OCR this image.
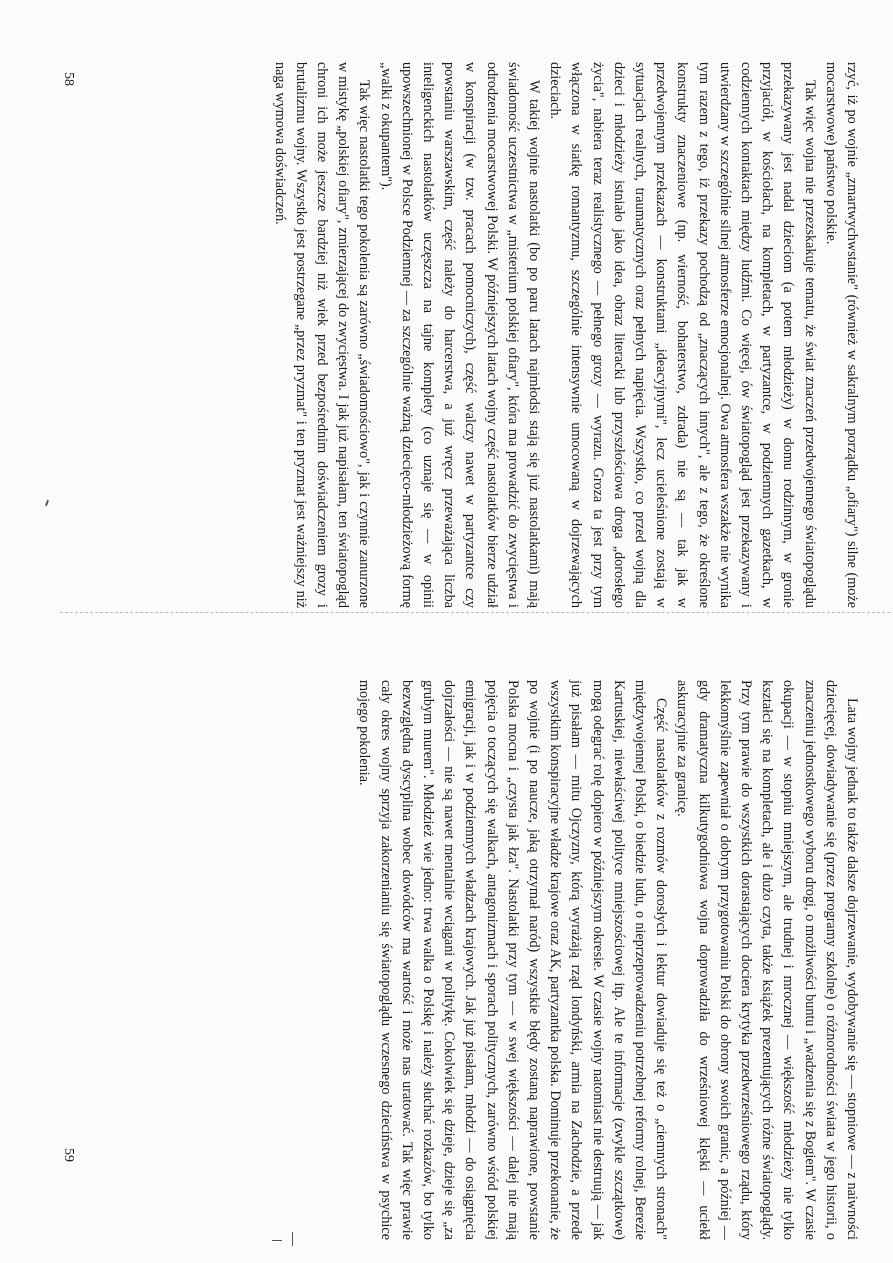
rzyć, iż po wojnie „zmartwychwstanie" (również w sakralnym porządku „ofiary") silne (może mocarstwowe) państwo polskie.

Tak więc wojna nie przezskakuje tematu, że świat znaczeń przedwojennego światopoglądu przekazywany jest nadal dzieciom (a potem młodzieży) w domu rodzinnym, w gronie przyjaciół, w kościołach, na kompletach, w partyzantce, w podziemnych gazetkach, w codziennych kontaktach między ludźmi. Co więcej, ów światopogląd jest przekazywany i utwierdzany w szczególnie silnej atmosferze emocjonalnej. Owa atmosfera wszakże nie wynika tym razem z tego, iż przekazy pochodzą od „znaczących innych", ale z tego, że określone konstrukty znaczeniowe (np. wierność, bohaterstwo, zdrada) nie są — tak jak w przedwojennym przekazach — konstruktami „ideacyjnymi", lecz ucieleśnione zostają w sytuacjach realnych, traumatycznych oraz pełnych napięcia. Wszystko, co przed wojną dla dzieci i młodzieży istniało jako idea, obraz literacki lub przyszłościowa droga „dorosłego życia", nabiera teraz realistycznego — pełnego grozy — wyrazu. Groza ta jest przy tym włączona w siatkę romantyzmu, szczególnie intensywnie umocowaną w dojrzewających dzieciach.

W takiej wojnie nastolatki (bo po paru latach najmłodsi stają się już nastolatkami) mają świadomość uczestnictwa w „misterium polskiej ofiary", która ma prowadzić do zwycięstwa i odrodzenia mocarstwowej Polski. W późniejszych latach wojny część nastolatków bierze udział w konspiracji (w tzw. pracach pomocniczych), część walczy nawet w partyzantce czy powstaniu warszawskim, część należy do harcerstwa, a już wręcz przeważająca liczba inteligenckich nastolatków uczęszcza na tajne komplety (co uznaje się — w opinii upowszechnionej w Polsce Podziemnej — za szczególnie ważną dziecięco-młodzieżową formę „walki z okupantem").

Tak więc nastolatki tego pokolenia są zarówno „świadomościowo", jak i czynnie zanurzone w mistykę „polskiej ofiary", zmierzającej do zwycięstwa. I jak już napisałam, ten światopogląd chroni ich może jeszcze bardziej niż wiek przed bezpośrednim doświadczeniem grozy i brutalizmu wojny. Wszystko jest postrzegane „przez pryzmat" i ten pryzmat jest ważniejszy niż naga wymowa doświadczeń.

58

Lata wojny jednak to także dalsze dojrzewanie, wydobywanie się — stopniowe — z naiwności dziecięcej, dowiadywanie się (przez programy szkolne) o różnorodności świata w jego historii, o znaczeniu jednostkowego wyboru drogi, o możliwości buntu i „wadzenia się z Bogiem". W czasie okupacji — w stopniu mniejszym, ale trudnej i mrocznej — większość młodzieży nie tylko kształci się na kompletach, ale i dużo czyta, także książek prezentujących różne światopoglądy. Przy tym prawie do wszystkich dorastających dociera krytyka przedwrześniowego rządu, który lekkomyślnie zapewniał o dobrym przygotowaniu Polski do obrony swoich granic, a później — gdy dramatyczna kilkutygodniowa wojna doprowadziła do wrześniowej klęski — uciekł askuracyjnie za granicę.

Część nastolatków z rozmów dorosłych i lektur dowiaduje się też o „ciemnych stronach" międzywojennej Polski, o biedzie ludu, o nieprzeprowadzeniu potrzebnej reformy rolnej, Berezie Kartuskiej, niewłaściwej polityce mniejszościowej itp. Ale te informacje (zwykle szczątkowe) mogą odegrać rolę dopiero w późniejszym okresie. W czasie wojny natomiast nie destruują — jak już pisałam — mitu Ojczyzny, którą wyrażają rząd londyński, armia na Zachodzie, a przede wszystkim konspiracyjne władze krajowe oraz AK, partyzantka polska. Dominuje przekonanie, że po wojnie (i po naucze, jaką otrzymał naród) wszystkie błędy zostaną naprawione, powstanie Polska mocna i „czysta jak łza". Nastolatki przy tym — w swej większości — dalej nie mają pojęcia o toczących się walkach, antagonizmach i sporach politycznych, zarówno wśród polskiej emigracji, jak i w podziemnych władzach krajowych. Jak już pisałam, młodzi — do osiągnięcia dojrzałości — nie są nawet mentalnie wciągani w politykę. Cokolwiek się dzieje, dzieje się „za grubym murem". Młodzież wie jedno: trwa walka o Polskę i należy słuchać rozkazów, bo tylko bezwzględna dyscyplina wobec dowódców ma wartość i może nas uratować. Tak więc prawie cały okres wojny sprzyja zakorzenianiu się światopoglądu wczesnego dzieciństwa w psychice mojego pokolenia.

59
